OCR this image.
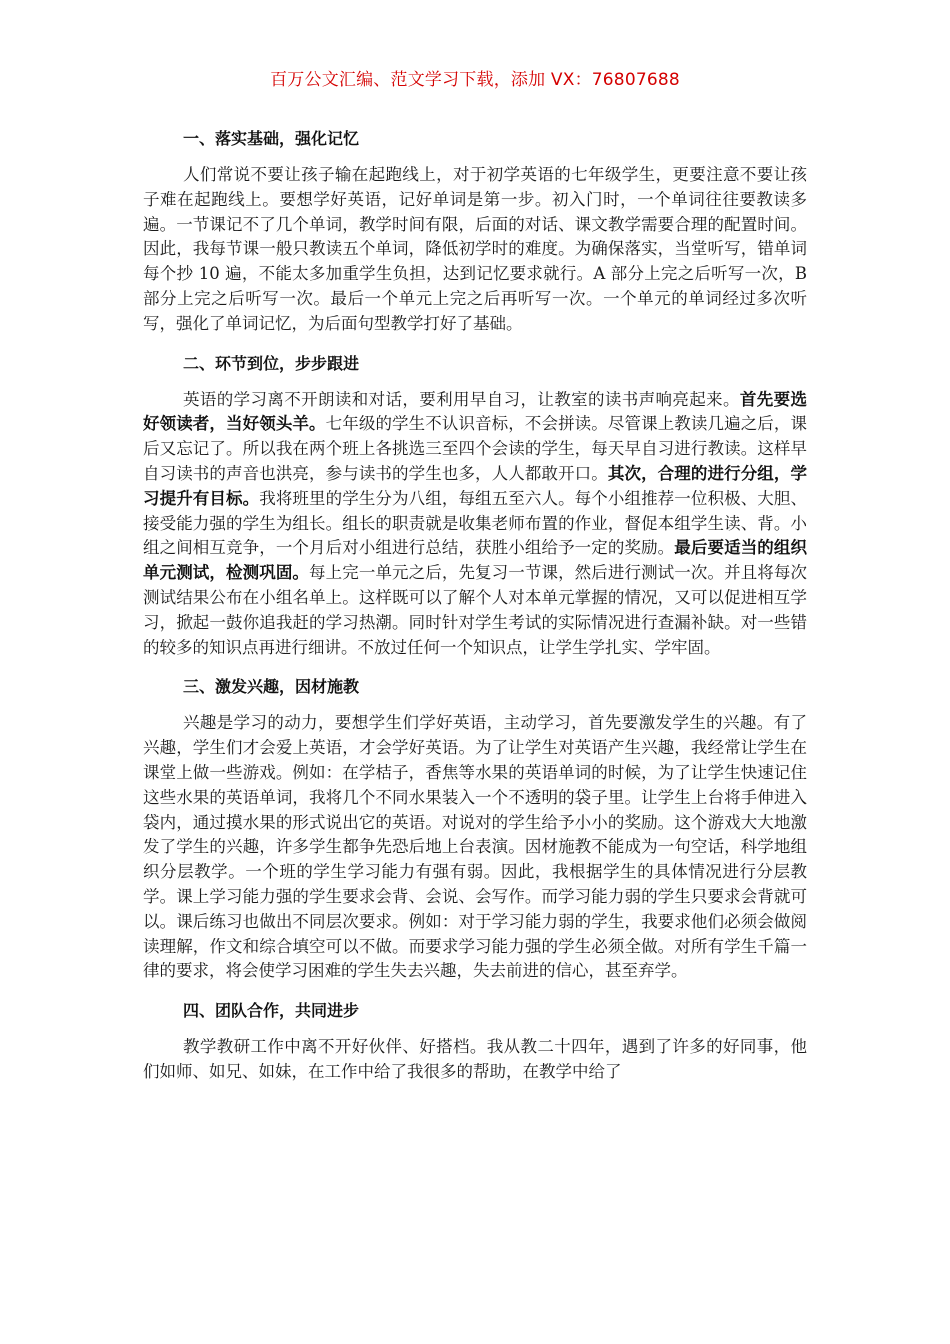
百万公文汇编、范文学习下载，添加 VX：76807688
一、落实基础，强化记忆

人们常说不要让孩子输在起跑线上，对于初学英语的七年级学生，更要注意不要让孩子难在起跑线上。要想学好英语，记好单词是第一步。初入门时，一个单词往往要教读多遍。一节课记不了几个单词，教学时间有限，后面的对话、课文教学需要合理的配置时间。因此，我每节课一般只教读五个单词，降低初学时的难度。为确保落实，当堂听写，错单词每个抄 10 遍，不能太多加重学生负担，达到记忆要求就行。A 部分上完之后听写一次，B 部分上完之后听写一次。最后一个单元上完之后再听写一次。一个单元的单词经过多次听写，强化了单词记忆，为后面句型教学打好了基础。

二、环节到位，步步跟进

英语的学习离不开朗读和对话，要利用早自习，让教室的读书声响亮起来。首先要选好领读者，当好领头羊。七年级的学生不认识音标，不会拼读。尽管课上教读几遍之后，课后又忘记了。所以我在两个班上各挑选三至四个会读的学生，每天早自习进行教读。这样早自习读书的声音也洪亮，参与读书的学生也多，人人都敢开口。其次，合理的进行分组，学习提升有目标。我将班里的学生分为八组，每组五至六人。每个小组推荐一位积极、大胆、接受能力强的学生为组长。组长的职责就是收集老师布置的作业，督促本组学生读、背。小组之间相互竞争，一个月后对小组进行总结，获胜小组给予一定的奖励。最后要适当的组织单元测试，检测巩固。每上完一单元之后，先复习一节课，然后进行测试一次。并且将每次测试结果公布在小组名单上。这样既可以了解个人对本单元掌握的情况，又可以促进相互学习，掀起一鼓你追我赶的学习热潮。同时针对学生考试的实际情况进行查漏补缺。对一些错的较多的知识点再进行细讲。不放过任何一个知识点，让学生学扎实、学牢固。

三、激发兴趣，因材施教

兴趣是学习的动力，要想学生们学好英语，主动学习，首先要激发学生的兴趣。有了兴趣，学生们才会爱上英语，才会学好英语。为了让学生对英语产生兴趣，我经常让学生在课堂上做一些游戏。例如：在学桔子，香焦等水果的英语单词的时候，为了让学生快速记住这些水果的英语单词，我将几个不同水果装入一个不透明的袋子里。让学生上台将手伸进入袋内，通过摸水果的形式说出它的英语。对说对的学生给予小小的奖励。这个游戏大大地激发了学生的兴趣，许多学生都争先恐后地上台表演。因材施教不能成为一句空话，科学地组织分层教学。一个班的学生学习能力有强有弱。因此，我根据学生的具体情况进行分层教学。课上学习能力强的学生要求会背、会说、会写作。而学习能力弱的学生只要求会背就可以。课后练习也做出不同层次要求。例如：对于学习能力弱的学生，我要求他们必须会做阅读理解，作文和综合填空可以不做。而要求学习能力强的学生必须全做。对所有学生千篇一律的要求，将会使学习困难的学生失去兴趣，失去前进的信心，甚至弃学。

四、团队合作，共同进步

教学教研工作中离不开好伙伴、好搭档。我从教二十四年，遇到了许多的好同事，他们如师、如兄、如妹，在工作中给了我很多的帮助，在教学中给了
